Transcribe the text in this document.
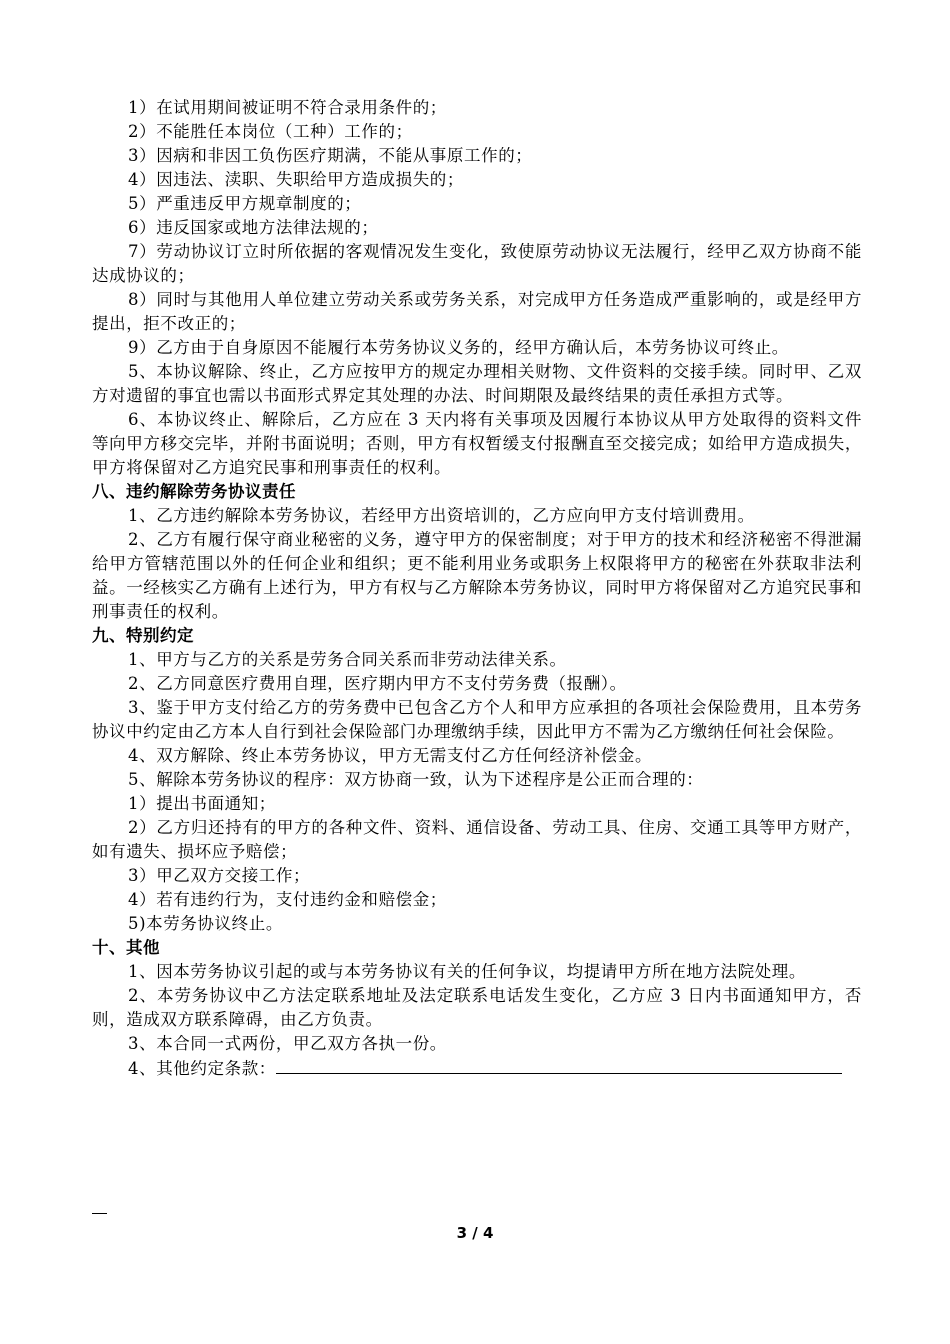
1）在试用期间被证明不符合录用条件的；

2）不能胜任本岗位（工种）工作的；

3）因病和非因工负伤医疗期满，不能从事原工作的；

4）因违法、渎职、失职给甲方造成损失的；

5）严重违反甲方规章制度的；

6）违反国家或地方法律法规的；

7）劳动协议订立时所依据的客观情况发生变化，致使原劳动协议无法履行，经甲乙双方协商不能达成协议的；

8）同时与其他用人单位建立劳动关系或劳务关系，对完成甲方任务造成严重影响的，或是经甲方提出，拒不改正的；

9）乙方由于自身原因不能履行本劳务协议义务的，经甲方确认后，本劳务协议可终止。

5、本协议解除、终止，乙方应按甲方的规定办理相关财物、文件资料的交接手续。同时甲、乙双方对遗留的事宜也需以书面形式界定其处理的办法、时间期限及最终结果的责任承担方式等。

6、本协议终止、解除后，乙方应在 3 天内将有关事项及因履行本协议从甲方处取得的资料文件等向甲方移交完毕，并附书面说明；否则，甲方有权暂缓支付报酬直至交接完成；如给甲方造成损失，甲方将保留对乙方追究民事和刑事责任的权利。

八、违约解除劳务协议责任

1、乙方违约解除本劳务协议，若经甲方出资培训的，乙方应向甲方支付培训费用。

2、乙方有履行保守商业秘密的义务，遵守甲方的保密制度；对于甲方的技术和经济秘密不得泄漏给甲方管辖范围以外的任何企业和组织；更不能利用业务或职务上权限将甲方的秘密在外获取非法利益。一经核实乙方确有上述行为，甲方有权与乙方解除本劳务协议，同时甲方将保留对乙方追究民事和刑事责任的权利。

九、特别约定

1、甲方与乙方的关系是劳务合同关系而非劳动法律关系。

2、乙方同意医疗费用自理，医疗期内甲方不支付劳务费（报酬）。

3、鉴于甲方支付给乙方的劳务费中已包含乙方个人和甲方应承担的各项社会保险费用，且本劳务协议中约定由乙方本人自行到社会保险部门办理缴纳手续，因此甲方不需为乙方缴纳任何社会保险。

4、双方解除、终止本劳务协议，甲方无需支付乙方任何经济补偿金。

5、解除本劳务协议的程序：双方协商一致，认为下述程序是公正而合理的：

1）提出书面通知；

2）乙方归还持有的甲方的各种文件、资料、通信设备、劳动工具、住房、交通工具等甲方财产，如有遗失、损坏应予赔偿；

3）甲乙双方交接工作；

4）若有违约行为，支付违约金和赔偿金；

5)本劳务协议终止。

十、其他

1、因本劳务协议引起的或与本劳务协议有关的任何争议，均提请甲方所在地方法院处理。

2、本劳务协议中乙方法定联系地址及法定联系电话发生变化，乙方应 3 日内书面通知甲方，否则，造成双方联系障碍，由乙方负责。

3、本合同一式两份，甲乙双方各执一份。

4、其他约定条款：

3 / 4
